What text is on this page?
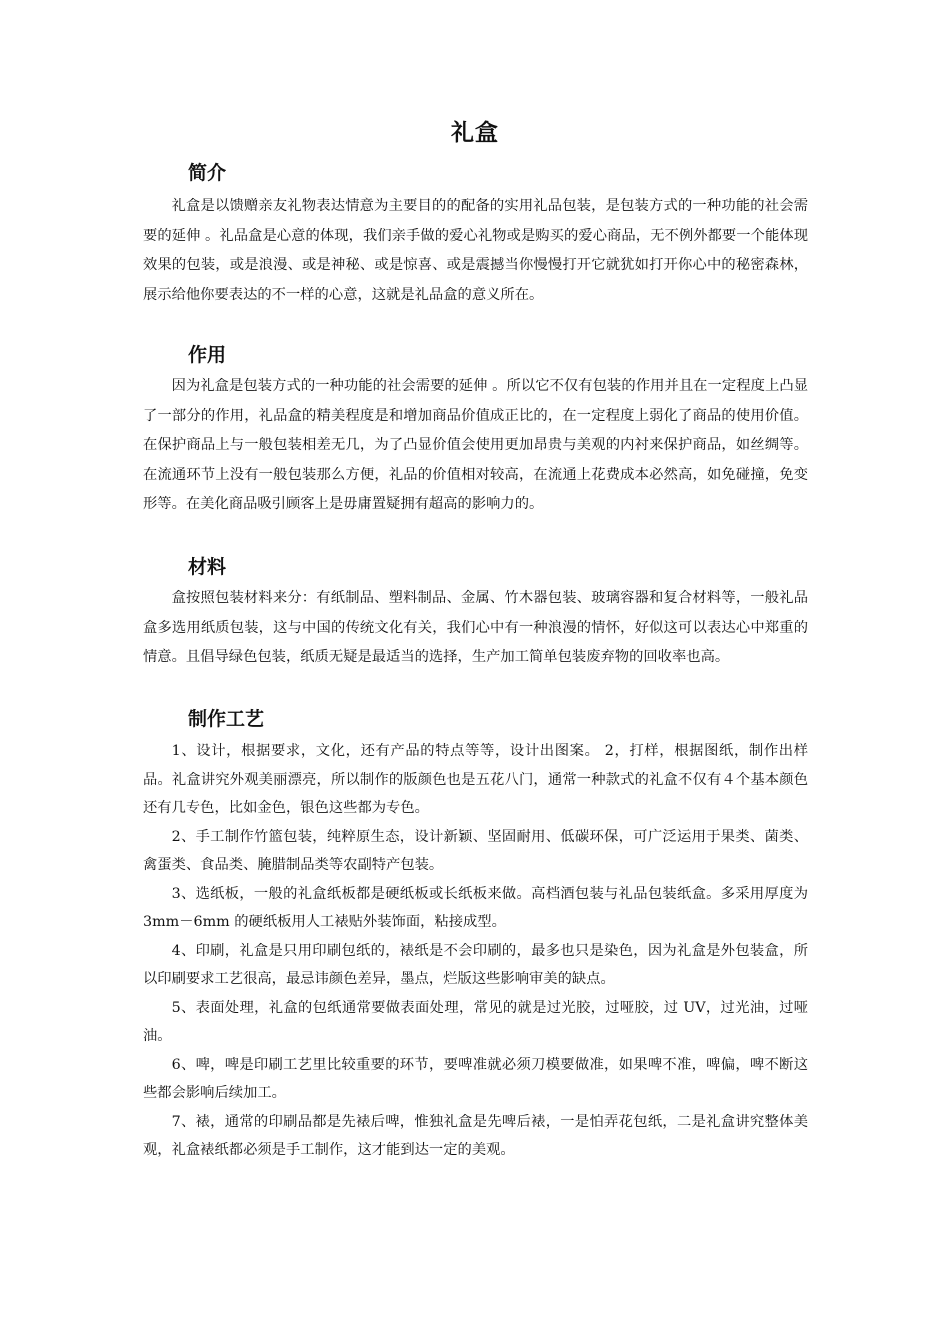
礼盒
简介

礼盒是以馈赠亲友礼物表达情意为主要目的的配备的实用礼品包装，是包装方式的一种功能的社会需要的延伸 。礼品盒是心意的体现，我们亲手做的爱心礼物或是购买的爱心商品，无不例外都要一个能体现效果的包装，或是浪漫、或是神秘、或是惊喜、或是震撼当你慢慢打开它就犹如打开你心中的秘密森林，展示给他你要表达的不一样的心意，这就是礼品盒的意义所在。

作用

因为礼盒是包装方式的一种功能的社会需要的延伸 。所以它不仅有包装的作用并且在一定程度上凸显了一部分的作用，礼品盒的精美程度是和增加商品价值成正比的，在一定程度上弱化了商品的使用价值。在保护商品上与一般包装相差无几，为了凸显价值会使用更加昂贵与美观的内衬来保护商品，如丝绸等。在流通环节上没有一般包装那么方便，礼品的价值相对较高，在流通上花费成本必然高，如免碰撞，免变形等。在美化商品吸引顾客上是毋庸置疑拥有超高的影响力的。

材料

盒按照包装材料来分：有纸制品、塑料制品、金属、竹木器包装、玻璃容器和复合材料等，一般礼品盒多选用纸质包装，这与中国的传统文化有关，我们心中有一种浪漫的情怀，好似这可以表达心中郑重的情意。且倡导绿色包装，纸质无疑是最适当的选择，生产加工简单包装废弃物的回收率也高。

制作工艺

1、设计，根据要求，文化，还有产品的特点等等，设计出图案。 2，打样，根据图纸，制作出样品。礼盒讲究外观美丽漂亮，所以制作的版颜色也是五花八门，通常一种款式的礼盒不仅有４个基本颜色还有几专色，比如金色，银色这些都为专色。

2、手工制作竹篮包装，纯粹原生态，设计新颖、坚固耐用、低碳环保，可广泛运用于果类、菌类、禽蛋类、食品类、腌腊制品类等农副特产包装。

3、选纸板，一般的礼盒纸板都是硬纸板或长纸板来做。高档酒包装与礼品包装纸盒。多采用厚度为 3mm－6mm 的硬纸板用人工裱贴外装饰面，粘接成型。

4、印刷，礼盒是只用印刷包纸的，裱纸是不会印刷的，最多也只是染色，因为礼盒是外包装盒，所以印刷要求工艺很高，最忌讳颜色差异，墨点，烂版这些影响审美的缺点。

5、表面处理，礼盒的包纸通常要做表面处理，常见的就是过光胶，过哑胶，过 UV，过光油，过哑油。

6、啤，啤是印刷工艺里比较重要的环节，要啤准就必须刀模要做准，如果啤不准，啤偏，啤不断这些都会影响后续加工。

7、裱，通常的印刷品都是先裱后啤，惟独礼盒是先啤后裱，一是怕弄花包纸，二是礼盒讲究整体美观，礼盒裱纸都必须是手工制作，这才能到达一定的美观。
